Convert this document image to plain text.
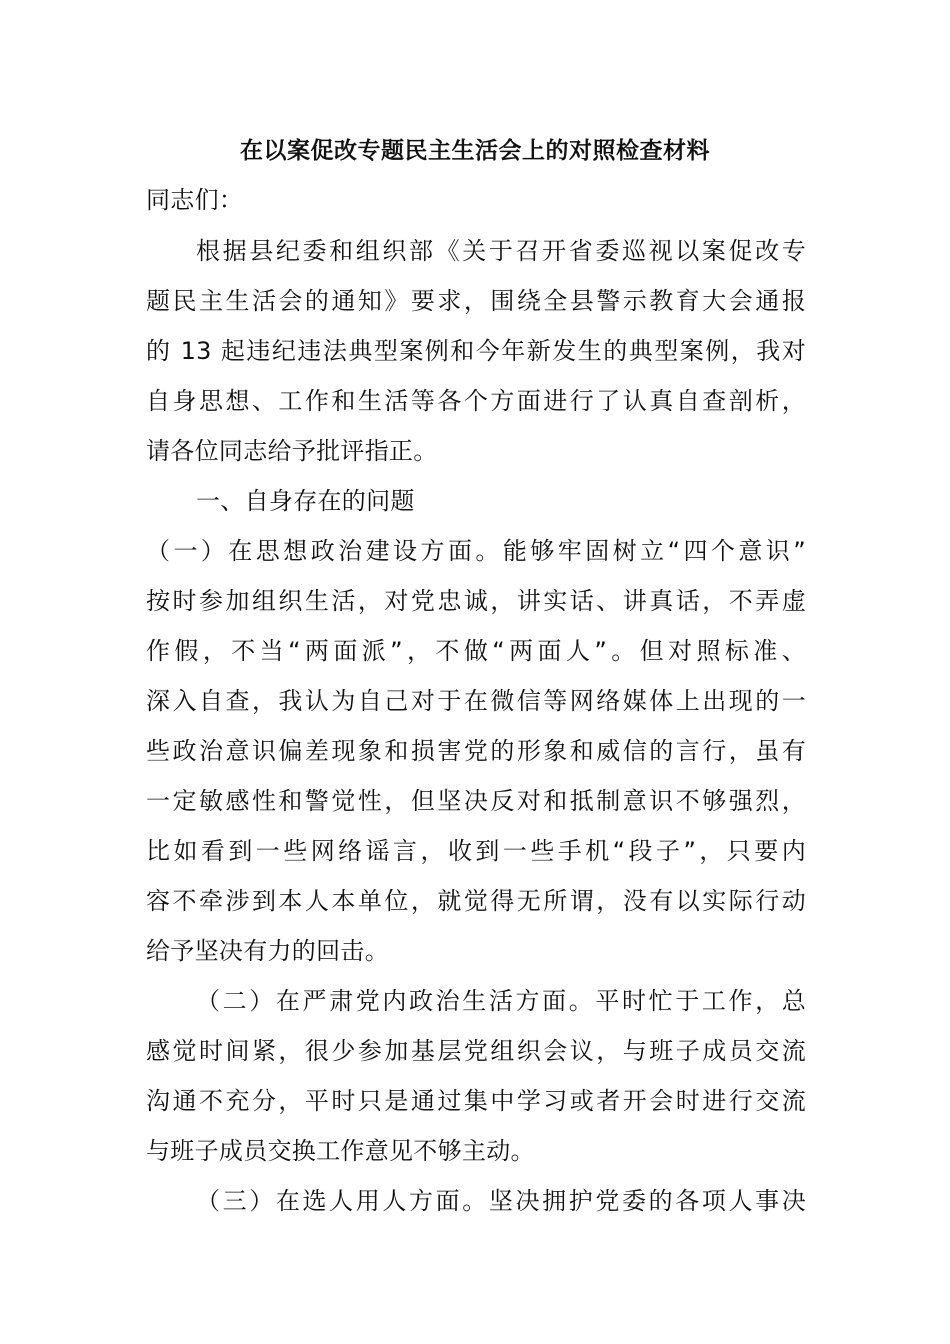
在以案促改专题民主生活会上的对照检查材料
同志们：
根据县纪委和组织部《关于召开省委巡视以案促改专
题民主生活会的通知》要求，围绕全县警示教育大会通报
的 13 起违纪违法典型案例和今年新发生的典型案例，我对
自身思想、工作和生活等各个方面进行了认真自查剖析，
请各位同志给予批评指正。
一、自身存在的问题
（一）在思想政治建设方面。能够牢固树立“四个意识”
按时参加组织生活，对党忠诚，讲实话、讲真话，不弄虚
作假，不当“两面派”，不做“两面人”。但对照标准、
深入自查，我认为自己对于在微信等网络媒体上出现的一
些政治意识偏差现象和损害党的形象和威信的言行，虽有
一定敏感性和警觉性，但坚决反对和抵制意识不够强烈，
比如看到一些网络谣言，收到一些手机“段子”，只要内
容不牵涉到本人本单位，就觉得无所谓，没有以实际行动
给予坚决有力的回击。
（二）在严肃党内政治生活方面。平时忙于工作，总
感觉时间紧，很少参加基层党组织会议，与班子成员交流
沟通不充分，平时只是通过集中学习或者开会时进行交流
与班子成员交换工作意见不够主动。
（三）在选人用人方面。坚决拥护党委的各项人事决
